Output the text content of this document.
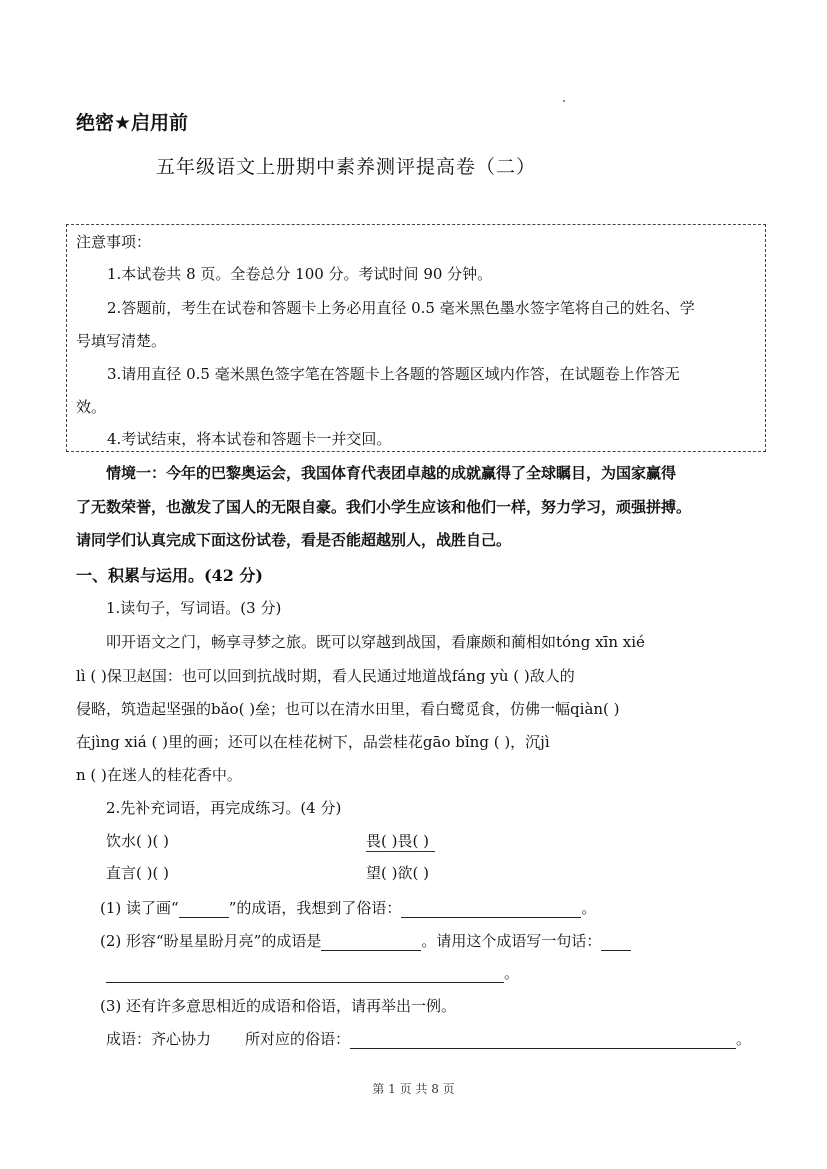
绝密★启用前
五年级语文上册期中素养测评提高卷（二）
注意事项：
1.本试卷共 8 页。全卷总分 100 分。考试时间 90 分钟。
2.答题前，考生在试卷和答题卡上务必用直径 0.5 毫米黑色墨水签字笔将自己的姓名、学
号填写清楚。
3.请用直径 0.5 毫米黑色签字笔在答题卡上各题的答题区域内作答，在试题卷上作答无
效。
4.考试结束，将本试卷和答题卡一并交回。
情境一：今年的巴黎奥运会，我国体育代表团卓越的成就赢得了全球瞩目，为国家赢得
了无数荣誉，也激发了国人的无限自豪。我们小学生应该和他们一样，努力学习，顽强拼搏。
请同学们认真完成下面这份试卷，看是否能超越别人，战胜自己。
一、积累与运用。(42 分)
1.读句子，写词语。(3 分)
叩开语文之门，畅享寻梦之旅。既可以穿越到战国，看廉颇和蔺相如tóng xīn xié
lì ( )保卫赵国：也可以回到抗战时期，看人民通过地道战fáng yù ( )敌人的
侵略，筑造起坚强的bǎo( )垒；也可以在清水田里，看白鹭觅食，仿佛一幅qiàn( )
在jìng xiá ( )里的画；还可以在桂花树下，品尝桂花gāo bǐng ( )，沉jì
n ( )在迷人的桂花香中。
2.先补充词语，再完成练习。(4 分)
饮水( )( )	畏( )畏( )
直言( )( )	望( )欲( )
(1) 读了画“	”的成语，我想到了俗语：	。
(2) 形容“盼星星盼月亮”的成语是	。请用这个成语写一句话：
。
(3) 还有许多意思相近的成语和俗语，请再举出一例。
成语：齐心协力 所对应的俗语：	。
第 1 页 共 8 页
